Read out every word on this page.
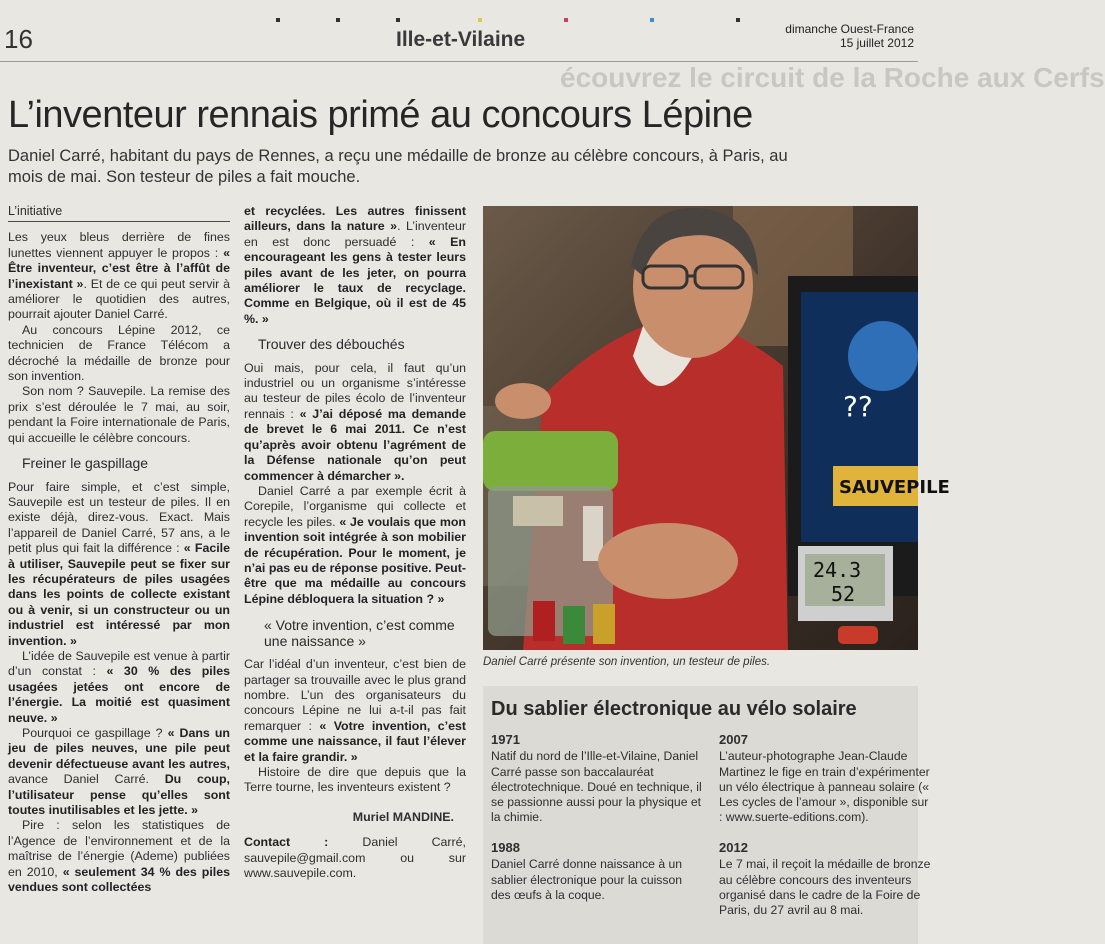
16	Ille-et-Vilaine	dimanche Ouest-France
15 juillet 2012
écouvrez le circuit de la Roche aux Cerfs
L’inventeur rennais primé au concours Lépine
Daniel Carré, habitant du pays de Rennes, a reçu une médaille de bronze au célèbre concours, à Paris, au mois de mai. Son testeur de piles a fait mouche.
L’initiative

Les yeux bleus derrière de fines lunettes viennent appuyer le propos : « Être inventeur, c’est être à l’affût de l’inexistant ». Et de ce qui peut servir à améliorer le quotidien des autres, pourrait ajouter Daniel Carré.

Au concours Lépine 2012, ce technicien de France Télécom a décroché la médaille de bronze pour son invention.

Son nom ? Sauvepile. La remise des prix s’est déroulée le 7 mai, au soir, pendant la Foire internationale de Paris, qui accueille le célèbre concours.

Freiner le gaspillage

Pour faire simple, et c’est simple, Sauvepile est un testeur de piles. Il en existe déjà, direz-vous. Exact. Mais l’appareil de Daniel Carré, 57 ans, a le petit plus qui fait la différence : « Facile à utiliser, Sauvepile peut se fixer sur les récupérateurs de piles usagées dans les points de collecte existant ou à venir, si un constructeur ou un industriel est intéressé par mon invention. »

L’idée de Sauvepile est venue à partir d’un constat : « 30 % des piles usagées jetées ont encore de l’énergie. La moitié est quasiment neuve. »

Pourquoi ce gaspillage ? « Dans un jeu de piles neuves, une pile peut devenir défectueuse avant les autres, avance Daniel Carré. Du coup, l’utilisateur pense qu’elles sont toutes inutilisables et les jette. »

Pire : selon les statistiques de l’Agence de l’environnement et de la maîtrise de l’énergie (Ademe) publiées en 2010, « seulement 34 % des piles vendues sont collectées

et recyclées. Les autres finissent ailleurs, dans la nature ». L’inventeur en est donc persuadé : « En encourageant les gens à tester leurs piles avant de les jeter, on pourra améliorer le taux de recyclage. Comme en Belgique, où il est de 45 %. »

Trouver des débouchés

Oui mais, pour cela, il faut qu’un industriel ou un organisme s’intéresse au testeur de piles écolo de l’inventeur rennais : « J’ai déposé ma demande de brevet le 6 mai 2011. Ce n’est qu’après avoir obtenu l’agrément de la Défense nationale qu’on peut commencer à démarcher ».

Daniel Carré a par exemple écrit à Corepile, l’organisme qui collecte et recycle les piles. « Je voulais que mon invention soit intégrée à son mobilier de récupération. Pour le moment, je n’ai pas eu de réponse positive. Peut-être que ma médaille au concours Lépine débloquera la situation ? »

« Votre invention, c’est comme une naissance »

Car l’idéal d’un inventeur, c’est bien de partager sa trouvaille avec le plus grand nombre. L’un des organisateurs du concours Lépine ne lui a-t-il pas fait remarquer : « Votre invention, c’est comme une naissance, il faut l’élever et la faire grandir. »

Histoire de dire que depuis que la Terre tourne, les inventeurs existent ?

Muriel MANDINE.

Contact : Daniel Carré, sauvepile@gmail.com ou sur www.sauvepile.com.

SAUVEPILE
??
24.3
52
Daniel Carré présente son invention, un testeur de piles.
Du sablier électronique au vélo solaire
1971
Natif du nord de l’Ille-et-Vilaine, Daniel Carré passe son baccalauréat électrotechnique. Doué en technique, il se passionne aussi pour la physique et la chimie.
2007
L’auteur-photographe Jean-Claude Martinez le fige en train d’expérimenter un vélo électrique à panneau solaire (« Les cycles de l’amour », disponible sur : www.suerte-editions.com).
1988
Daniel Carré donne naissance à un sablier électronique pour la cuisson des œufs à la coque.
2012
Le 7 mai, il reçoit la médaille de bronze au célèbre concours des inventeurs organisé dans le cadre de la Foire de Paris, du 27 avril au 8 mai.
